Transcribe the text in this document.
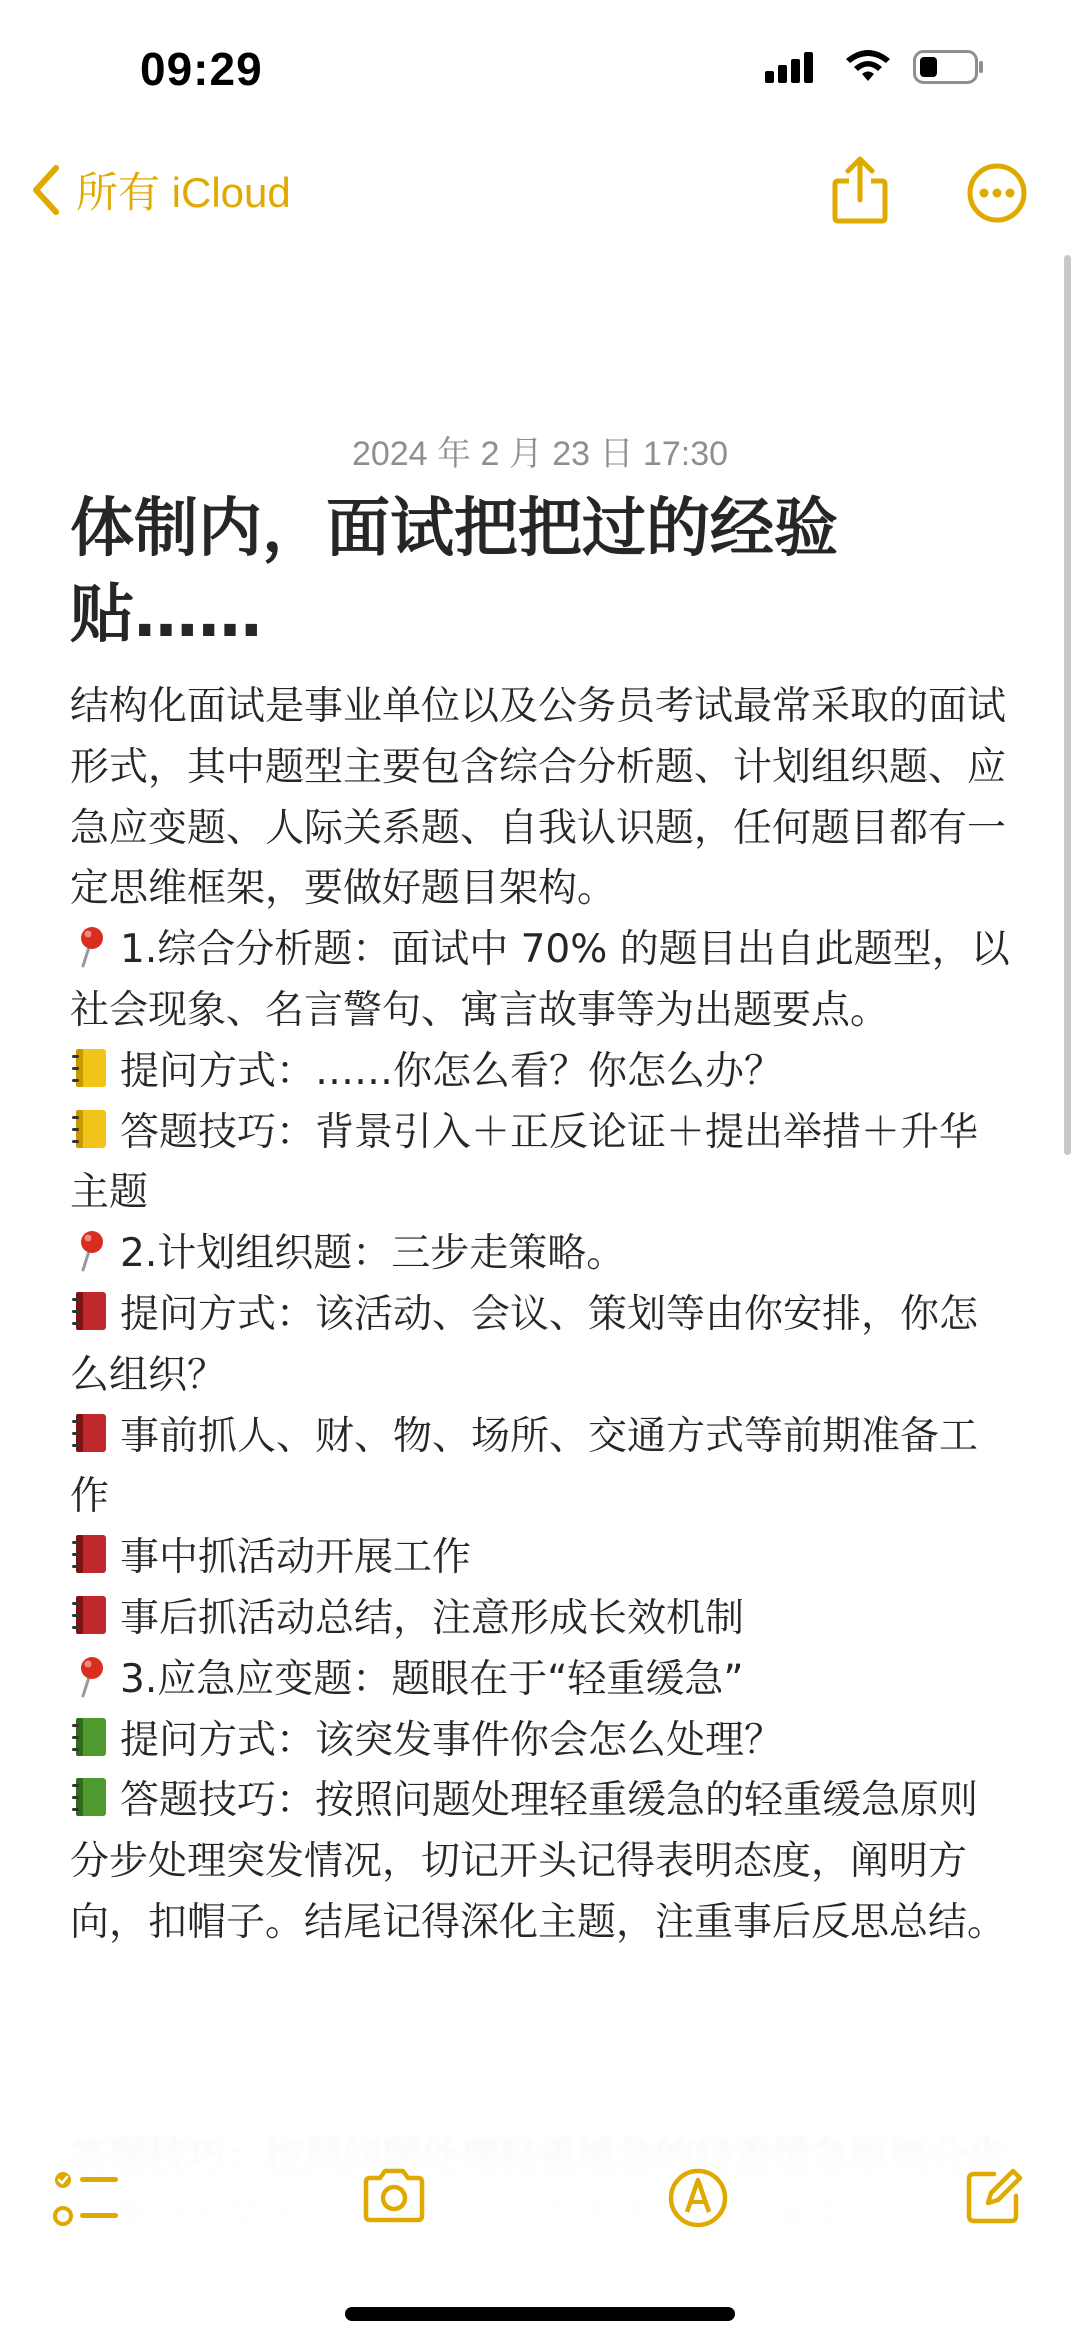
09:29
所有 iCloud
2024 年 2 月 23 日 17:30
体制内，面试把把过的经验贴……
结构化面试是事业单位以及公务员考试最常采取的面试形式，其中题型主要包含综合分析题、计划组织题、应急应变题、人际关系题、自我认识题，任何题目都有一定思维框架，要做好题目架构。
1.综合分析题：面试中 70% 的题目出自此题型，以社会现象、名言警句、寓言故事等为出题要点。
提问方式：……你怎么看？你怎么办？
答题技巧：背景引入＋正反论证＋提出举措＋升华主题
2.计划组织题：三步走策略。
提问方式：该活动、会议、策划等由你安排，你怎么组织？
事前抓人、财、物、场所、交通方式等前期准备工作
事中抓活动开展工作
事后抓活动总结，注意形成长效机制
3.应急应变题：题眼在于“轻重缓急”
提问方式：该突发事件你会怎么处理？
答题技巧：按照问题处理轻重缓急的轻重缓急原则分步处理突发情况，切记开头记得表明态度，阐明方向，扣帽子。结尾记得深化主题，注重事后反思总结。
